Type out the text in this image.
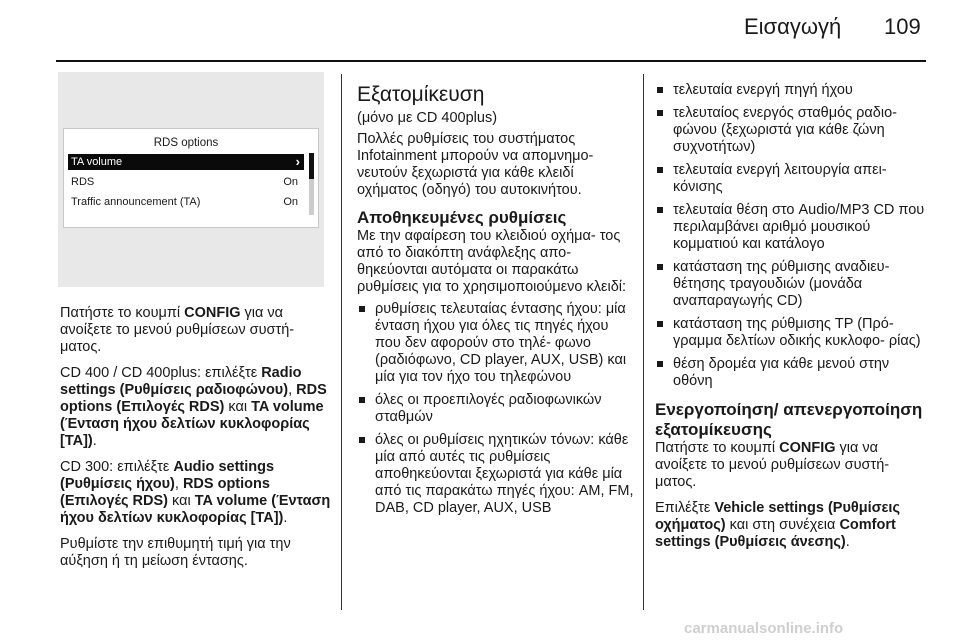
Εισαγωγή 109
RDS options
TA volume	›
RDS	On
Traffic announcement (TA)	On

Πατήστε το κουμπί CONFIG για να ανοίξετε το μενού ρυθμίσεων συστή- ματος.

CD 400 / CD 400plus: επιλέξτε Radio settings (Ρυθμίσεις ραδιοφώνου), RDS options (Επιλογές RDS) και TA volume (Ένταση ήχου δελτίων κυκλοφορίας [TA]).

CD 300: επιλέξτε Audio settings (Ρυθμίσεις ήχου), RDS options (Επιλογές RDS) και TA volume (Ένταση ήχου δελτίων κυκλοφορίας [TA]).

Ρυθμίστε την επιθυμητή τιμή για την αύξηση ή τη μείωση έντασης.

Εξατομίκευση

(μόνο με CD 400plus)

Πολλές ρυθμίσεις του συστήματος Infotainment μπορούν να απομνημο- νευτούν ξεχωριστά για κάθε κλειδί οχήματος (οδηγό) του αυτοκινήτου.

Αποθηκευμένες ρυθμίσεις

Με την αφαίρεση του κλειδιού οχήμα- τος από το διακόπτη ανάφλεξης απο- θηκεύονται αυτόματα οι παρακάτω ρυθμίσεις για το χρησιμοποιούμενο κλειδί:

ρυθμίσεις τελευταίας έντασης ήχου: μία ένταση ήχου για όλες τις πηγές ήχου που δεν αφορούν στο τηλέ- φωνο (ραδιόφωνο, CD player, AUX, USB) και μία για τον ήχο του τηλεφώνου
όλες οι προεπιλογές ραδιοφωνικών σταθμών
όλες οι ρυθμίσεις ηχητικών τόνων: κάθε μία από αυτές τις ρυθμίσεις αποθηκεύονται ξεχωριστά για κάθε μία από τις παρακάτω πηγές ήχου: AM, FM, DAB, CD player, AUX, USB
τελευταία ενεργή πηγή ήχου
τελευταίος ενεργός σταθμός ραδιο- φώνου (ξεχωριστά για κάθε ζώνη συχνοτήτων)
τελευταία ενεργή λειτουργία απει- κόνισης
τελευταία θέση στο Audio/MP3 CD που περιλαμβάνει αριθμό μουσικού κομματιού και κατάλογο
κατάσταση της ρύθμισης αναδιευ- θέτησης τραγουδιών (μονάδα αναπαραγωγής CD)
κατάσταση της ρύθμισης TP (Πρό- γραμμα δελτίων οδικής κυκλοφο- ρίας)
θέση δρομέα για κάθε μενού στην οθόνη
Ενεργοποίηση/ απενεργοποίηση εξατομίκευσης

Πατήστε το κουμπί CONFIG για να ανοίξετε το μενού ρυθμίσεων συστή- ματος.

Επιλέξτε Vehicle settings (Ρυθμίσεις οχήματος) και στη συνέχεια Comfort settings (Ρυθμίσεις άνεσης).

carmanualsonline.info
